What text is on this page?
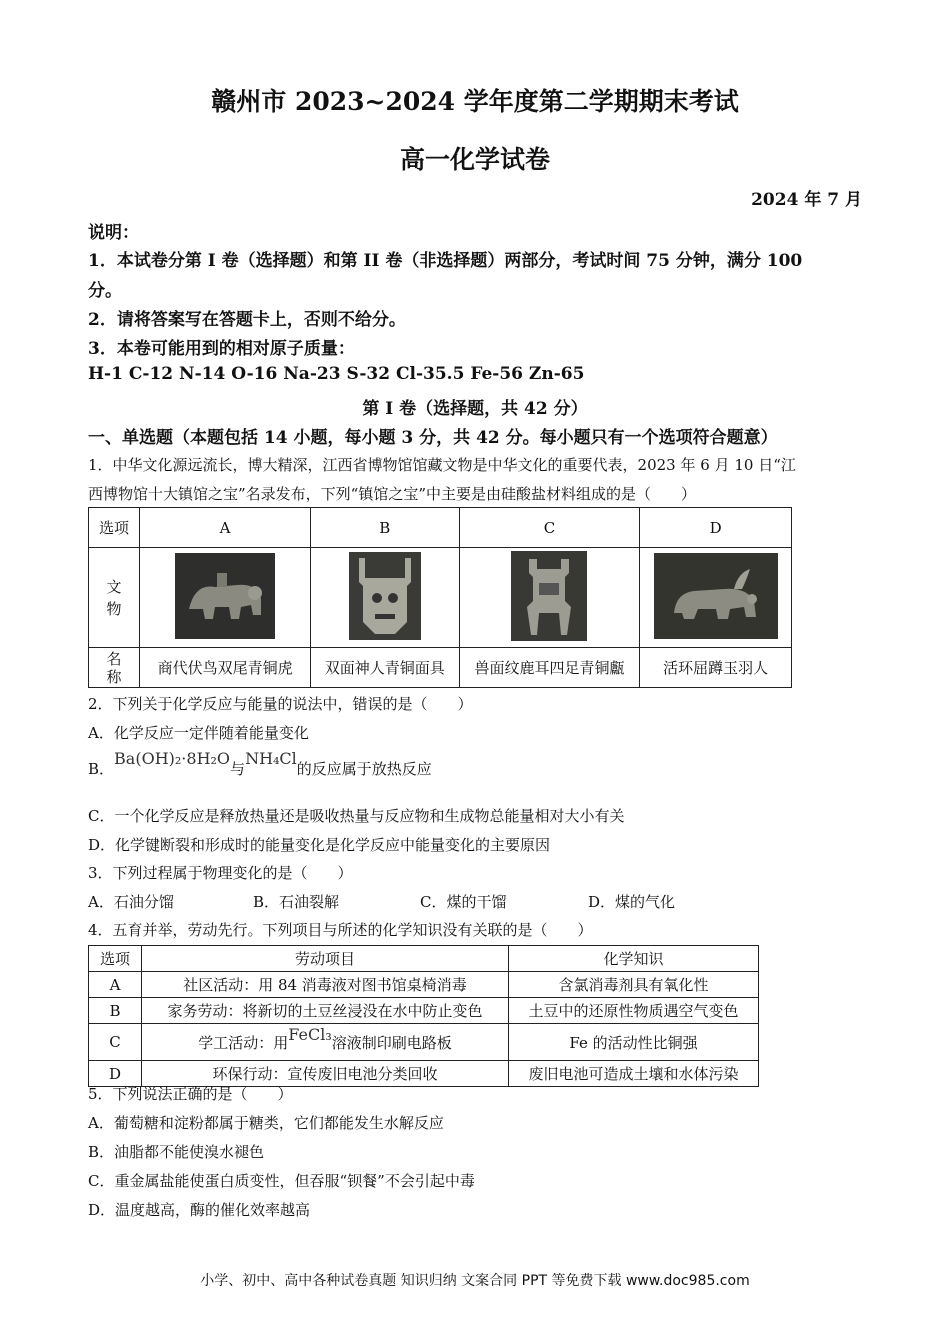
赣州市 2023~2024 学年度第二学期期末考试
高一化学试卷
2024 年 7 月
说明：
1．本试卷分第 I 卷（选择题）和第 II 卷（非选择题）两部分，考试时间 75 分钟，满分 100
分。
2．请将答案写在答题卡上，否则不给分。
3．本卷可能用到的相对原子质量：
H-1 C-12 N-14 O-16 Na-23 S-32 Cl-35.5 Fe-56 Zn-65
第 I 卷（选择题，共 42 分）
一、单选题（本题包括 14 小题，每小题 3 分，共 42 分。每小题只有一个选项符合题意）
1．中华文化源远流长，博大精深，江西省博物馆馆藏文物是中华文化的重要代表，2023 年 6 月 10 日“江
西博物馆十大镇馆之宝”名录发布，下列“镇馆之宝”中主要是由硅酸盐材料组成的是（　　）
选项	A	B	C	D
文物				
名称	商代伏鸟双尾青铜虎	双面神人青铜面具	兽面纹鹿耳四足青铜甗	活环屈蹲玉羽人
2．下列关于化学反应与能量的说法中，错误的是（　　）
A．化学反应一定伴随着能量变化
B．Ba(OH)₂·8H₂O与NH₄Cl的反应属于放热反应
C．一个化学反应是释放热量还是吸收热量与反应物和生成物总能量相对大小有关
D．化学键断裂和形成时的能量变化是化学反应中能量变化的主要原因
3．下列过程属于物理变化的是（　　）
A．石油分馏	B．石油裂解	C．煤的干馏	D．煤的气化
4．五育并举，劳动先行。下列项目与所述的化学知识没有关联的是（　　）
选项	劳动项目	化学知识
A	社区活动：用 84 消毒液对图书馆桌椅消毒	含氯消毒剂具有氧化性
B	家务劳动：将新切的土豆丝浸没在水中防止变色	土豆中的还原性物质遇空气变色
C	学工活动：用FeCl₃溶液制印刷电路板	Fe 的活动性比铜强
D	环保行动：宣传废旧电池分类回收	废旧电池可造成土壤和水体污染
5．下列说法正确的是（　　）
A．葡萄糖和淀粉都属于糖类，它们都能发生水解反应
B．油脂都不能使溴水褪色
C．重金属盐能使蛋白质变性，但吞服“钡餐”不会引起中毒
D．温度越高，酶的催化效率越高
小学、初中、高中各种试卷真题 知识归纳 文案合同 PPT 等免费下载 www.doc985.com
